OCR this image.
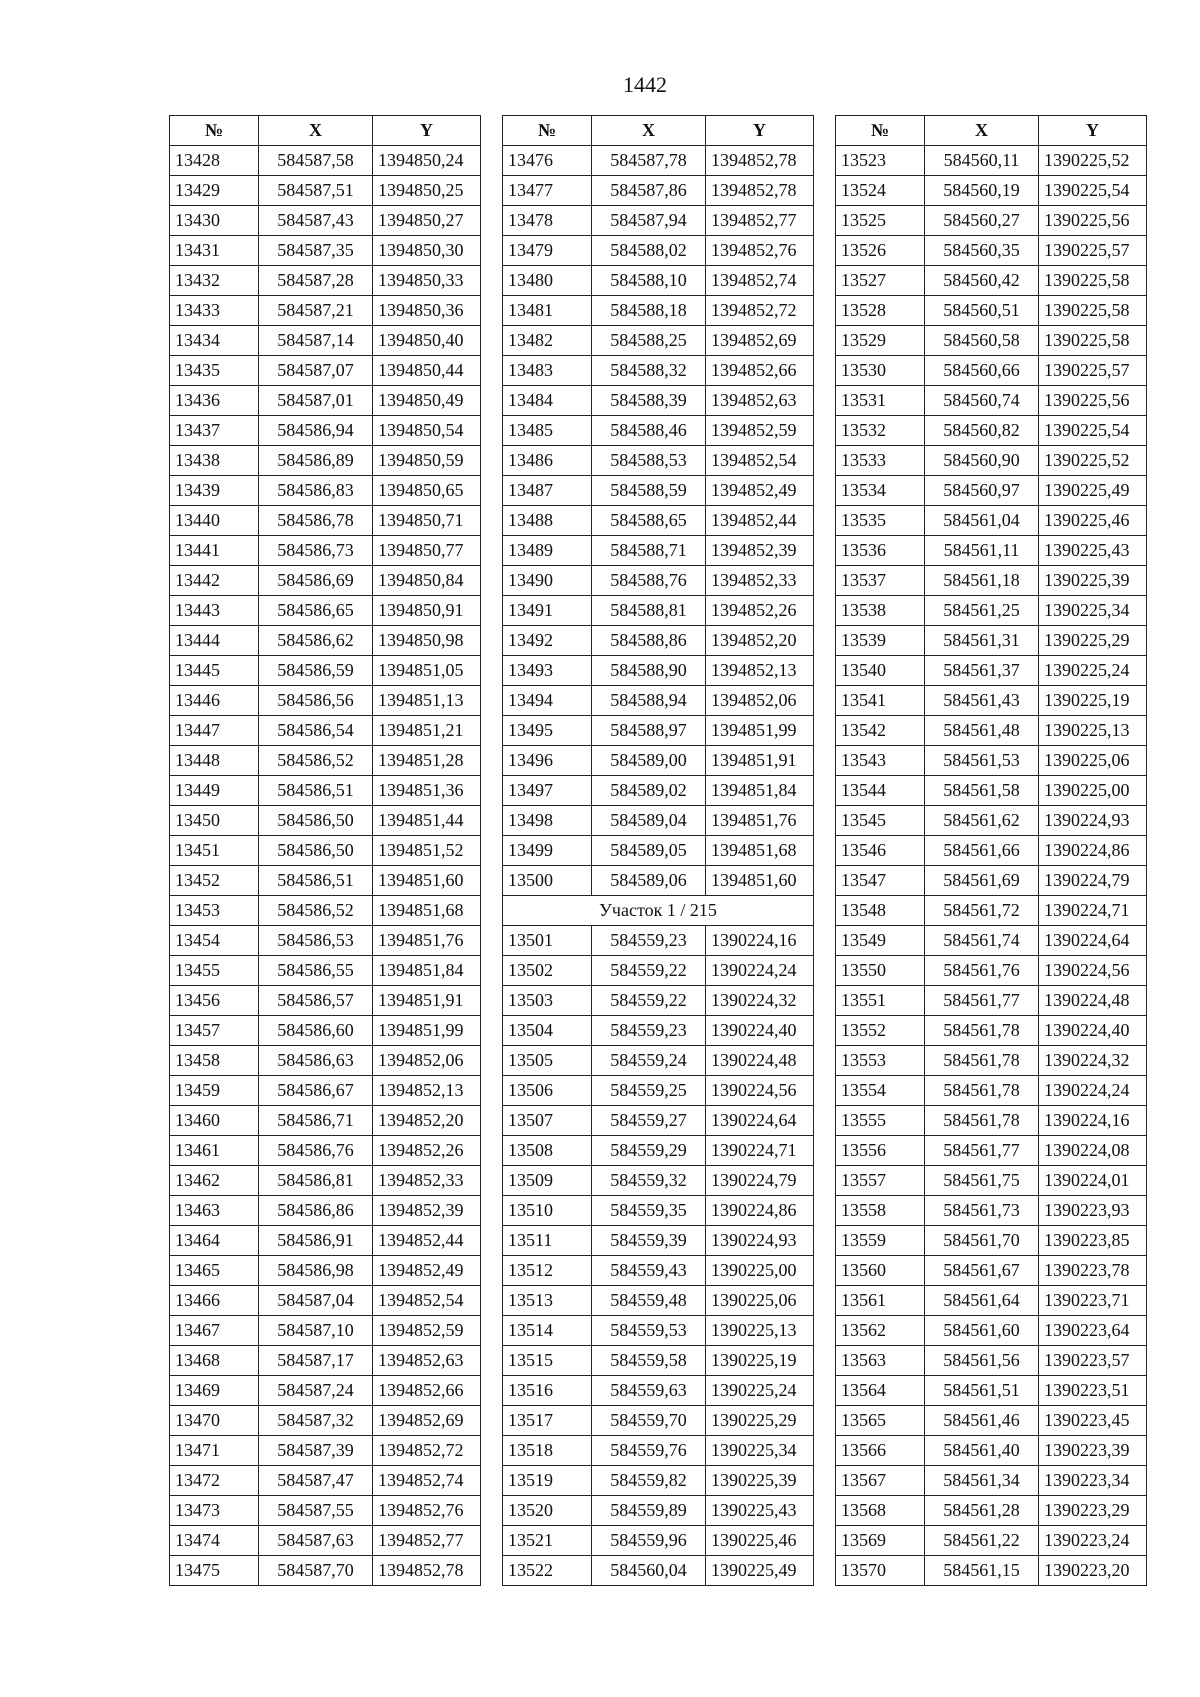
1442
№	X	Y
13428	584587,58	1394850,24
13429	584587,51	1394850,25
13430	584587,43	1394850,27
13431	584587,35	1394850,30
13432	584587,28	1394850,33
13433	584587,21	1394850,36
13434	584587,14	1394850,40
13435	584587,07	1394850,44
13436	584587,01	1394850,49
13437	584586,94	1394850,54
13438	584586,89	1394850,59
13439	584586,83	1394850,65
13440	584586,78	1394850,71
13441	584586,73	1394850,77
13442	584586,69	1394850,84
13443	584586,65	1394850,91
13444	584586,62	1394850,98
13445	584586,59	1394851,05
13446	584586,56	1394851,13
13447	584586,54	1394851,21
13448	584586,52	1394851,28
13449	584586,51	1394851,36
13450	584586,50	1394851,44
13451	584586,50	1394851,52
13452	584586,51	1394851,60
13453	584586,52	1394851,68
13454	584586,53	1394851,76
13455	584586,55	1394851,84
13456	584586,57	1394851,91
13457	584586,60	1394851,99
13458	584586,63	1394852,06
13459	584586,67	1394852,13
13460	584586,71	1394852,20
13461	584586,76	1394852,26
13462	584586,81	1394852,33
13463	584586,86	1394852,39
13464	584586,91	1394852,44
13465	584586,98	1394852,49
13466	584587,04	1394852,54
13467	584587,10	1394852,59
13468	584587,17	1394852,63
13469	584587,24	1394852,66
13470	584587,32	1394852,69
13471	584587,39	1394852,72
13472	584587,47	1394852,74
13473	584587,55	1394852,76
13474	584587,63	1394852,77
13475	584587,70	1394852,78
№	X	Y
13476	584587,78	1394852,78
13477	584587,86	1394852,78
13478	584587,94	1394852,77
13479	584588,02	1394852,76
13480	584588,10	1394852,74
13481	584588,18	1394852,72
13482	584588,25	1394852,69
13483	584588,32	1394852,66
13484	584588,39	1394852,63
13485	584588,46	1394852,59
13486	584588,53	1394852,54
13487	584588,59	1394852,49
13488	584588,65	1394852,44
13489	584588,71	1394852,39
13490	584588,76	1394852,33
13491	584588,81	1394852,26
13492	584588,86	1394852,20
13493	584588,90	1394852,13
13494	584588,94	1394852,06
13495	584588,97	1394851,99
13496	584589,00	1394851,91
13497	584589,02	1394851,84
13498	584589,04	1394851,76
13499	584589,05	1394851,68
13500	584589,06	1394851,60
Участок 1 / 215		
13501	584559,23	1390224,16
13502	584559,22	1390224,24
13503	584559,22	1390224,32
13504	584559,23	1390224,40
13505	584559,24	1390224,48
13506	584559,25	1390224,56
13507	584559,27	1390224,64
13508	584559,29	1390224,71
13509	584559,32	1390224,79
13510	584559,35	1390224,86
13511	584559,39	1390224,93
13512	584559,43	1390225,00
13513	584559,48	1390225,06
13514	584559,53	1390225,13
13515	584559,58	1390225,19
13516	584559,63	1390225,24
13517	584559,70	1390225,29
13518	584559,76	1390225,34
13519	584559,82	1390225,39
13520	584559,89	1390225,43
13521	584559,96	1390225,46
13522	584560,04	1390225,49
№	X	Y
13523	584560,11	1390225,52
13524	584560,19	1390225,54
13525	584560,27	1390225,56
13526	584560,35	1390225,57
13527	584560,42	1390225,58
13528	584560,51	1390225,58
13529	584560,58	1390225,58
13530	584560,66	1390225,57
13531	584560,74	1390225,56
13532	584560,82	1390225,54
13533	584560,90	1390225,52
13534	584560,97	1390225,49
13535	584561,04	1390225,46
13536	584561,11	1390225,43
13537	584561,18	1390225,39
13538	584561,25	1390225,34
13539	584561,31	1390225,29
13540	584561,37	1390225,24
13541	584561,43	1390225,19
13542	584561,48	1390225,13
13543	584561,53	1390225,06
13544	584561,58	1390225,00
13545	584561,62	1390224,93
13546	584561,66	1390224,86
13547	584561,69	1390224,79
13548	584561,72	1390224,71
13549	584561,74	1390224,64
13550	584561,76	1390224,56
13551	584561,77	1390224,48
13552	584561,78	1390224,40
13553	584561,78	1390224,32
13554	584561,78	1390224,24
13555	584561,78	1390224,16
13556	584561,77	1390224,08
13557	584561,75	1390224,01
13558	584561,73	1390223,93
13559	584561,70	1390223,85
13560	584561,67	1390223,78
13561	584561,64	1390223,71
13562	584561,60	1390223,64
13563	584561,56	1390223,57
13564	584561,51	1390223,51
13565	584561,46	1390223,45
13566	584561,40	1390223,39
13567	584561,34	1390223,34
13568	584561,28	1390223,29
13569	584561,22	1390223,24
13570	584561,15	1390223,20
